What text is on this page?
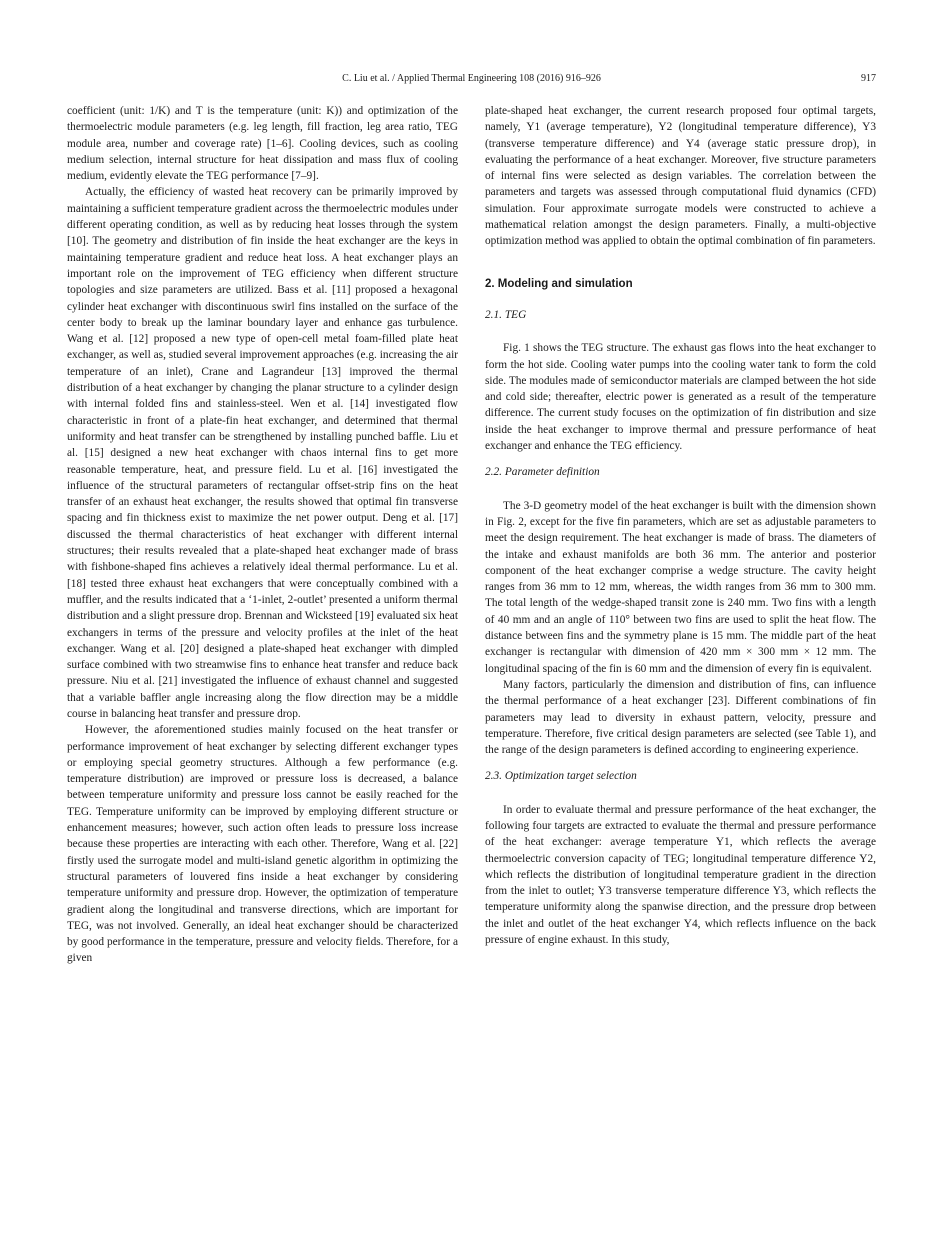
C. Liu et al. / Applied Thermal Engineering 108 (2016) 916–926	917

coefficient (unit: 1/K) and T is the temperature (unit: K)) and optimization of the thermoelectric module parameters (e.g. leg length, fill fraction, leg area ratio, TEG module area, number and coverage rate) [1–6]. Cooling devices, such as cooling medium selection, internal structure for heat dissipation and mass flux of cooling medium, evidently elevate the TEG performance [7–9].

Actually, the efficiency of wasted heat recovery can be primarily improved by maintaining a sufficient temperature gradient across the thermoelectric modules under different operating condition, as well as by reducing heat losses through the system [10]. The geometry and distribution of fin inside the heat exchanger are the keys in maintaining temperature gradient and reduce heat loss. A heat exchanger plays an important role on the improvement of TEG efficiency when different structure topologies and size parameters are utilized. Bass et al. [11] proposed a hexagonal cylinder heat exchanger with discontinuous swirl fins installed on the surface of the center body to break up the laminar boundary layer and enhance gas turbulence. Wang et al. [12] proposed a new type of open-cell metal foam-filled plate heat exchanger, as well as, studied several improvement approaches (e.g. increasing the air temperature of an inlet), Crane and Lagrandeur [13] improved the thermal distribution of a heat exchanger by changing the planar structure to a cylinder design with internal folded fins and stainless-steel. Wen et al. [14] investigated flow characteristic in front of a plate-fin heat exchanger, and determined that thermal uniformity and heat transfer can be strengthened by installing punched baffle. Liu et al. [15] designed a new heat exchanger with chaos internal fins to get more reasonable temperature, heat, and pressure field. Lu et al. [16] investigated the influence of the structural parameters of rectangular offset-strip fins on the heat transfer of an exhaust heat exchanger, the results showed that optimal fin transverse spacing and fin thickness exist to maximize the net power output. Deng et al. [17] discussed the thermal characteristics of heat exchanger with different internal structures; their results revealed that a plate-shaped heat exchanger made of brass with fishbone-shaped fins achieves a relatively ideal thermal performance. Lu et al. [18] tested three exhaust heat exchangers that were conceptually combined with a muffler, and the results indicated that a ‘1-inlet, 2-outlet’ presented a uniform thermal distribution and a slight pressure drop. Brennan and Wicksteed [19] evaluated six heat exchangers in terms of the pressure and velocity profiles at the inlet of the heat exchanger. Wang et al. [20] designed a plate-shaped heat exchanger with dimpled surface combined with two streamwise fins to enhance heat transfer and reduce back pressure. Niu et al. [21] investigated the influence of exhaust channel and suggested that a variable baffler angle increasing along the flow direction may be a middle course in balancing heat transfer and pressure drop.

However, the aforementioned studies mainly focused on the heat transfer or performance improvement of heat exchanger by selecting different exchanger types or employing special geometry structures. Although a few performance (e.g. temperature distribution) are improved or pressure loss is decreased, a balance between temperature uniformity and pressure loss cannot be easily reached for the TEG. Temperature uniformity can be improved by employing different structure or enhancement measures; however, such action often leads to pressure loss increase because these properties are interacting with each other. Therefore, Wang et al. [22] firstly used the surrogate model and multi-island genetic algorithm in optimizing the structural parameters of louvered fins inside a heat exchanger by considering temperature uniformity and pressure drop. However, the optimization of temperature gradient along the longitudinal and transverse directions, which are important for TEG, was not involved. Generally, an ideal heat exchanger should be characterized by good performance in the temperature, pressure and velocity fields. Therefore, for a given

plate-shaped heat exchanger, the current research proposed four optimal targets, namely, Y1 (average temperature), Y2 (longitudinal temperature difference), Y3 (transverse temperature difference) and Y4 (average static pressure drop), in evaluating the performance of a heat exchanger. Moreover, five structure parameters of internal fins were selected as design variables. The correlation between the parameters and targets was assessed through computational fluid dynamics (CFD) simulation. Four approximate surrogate models were constructed to achieve a mathematical relation amongst the design parameters. Finally, a multi-objective optimization method was applied to obtain the optimal combination of fin parameters.

2. Modeling and simulation
2.1. TEG

Fig. 1 shows the TEG structure. The exhaust gas flows into the heat exchanger to form the hot side. Cooling water pumps into the cooling water tank to form the cold side. The modules made of semiconductor materials are clamped between the hot side and cold side; thereafter, electric power is generated as a result of the temperature difference. The current study focuses on the optimization of fin distribution and size inside the heat exchanger to improve thermal and pressure performance of heat exchanger and enhance the TEG efficiency.

2.2. Parameter definition

The 3-D geometry model of the heat exchanger is built with the dimension shown in Fig. 2, except for the five fin parameters, which are set as adjustable parameters to meet the design requirement. The heat exchanger is made of brass. The diameters of the intake and exhaust manifolds are both 36 mm. The anterior and posterior component of the heat exchanger comprise a wedge structure. The cavity height ranges from 36 mm to 12 mm, whereas, the width ranges from 36 mm to 300 mm. The total length of the wedge-shaped transit zone is 240 mm. Two fins with a length of 40 mm and an angle of 110° between two fins are used to split the heat flow. The distance between fins and the symmetry plane is 15 mm. The middle part of the heat exchanger is rectangular with dimension of 420 mm × 300 mm × 12 mm. The longitudinal spacing of the fin is 60 mm and the dimension of every fin is equivalent.

Many factors, particularly the dimension and distribution of fins, can influence the thermal performance of a heat exchanger [23]. Different combinations of fin parameters may lead to diversity in exhaust pattern, velocity, pressure and temperature. Therefore, five critical design parameters are selected (see Table 1), and the range of the design parameters is defined according to engineering experience.

2.3. Optimization target selection

In order to evaluate thermal and pressure performance of the heat exchanger, the following four targets are extracted to evaluate the thermal and pressure performance of the heat exchanger: average temperature Y1, which reflects the average thermoelectric conversion capacity of TEG; longitudinal temperature difference Y2, which reflects the distribution of longitudinal temperature gradient in the direction from the inlet to outlet; Y3 transverse temperature difference Y3, which reflects the temperature uniformity along the spanwise direction, and the pressure drop between the inlet and outlet of the heat exchanger Y4, which reflects influence on the back pressure of engine exhaust. In this study,
